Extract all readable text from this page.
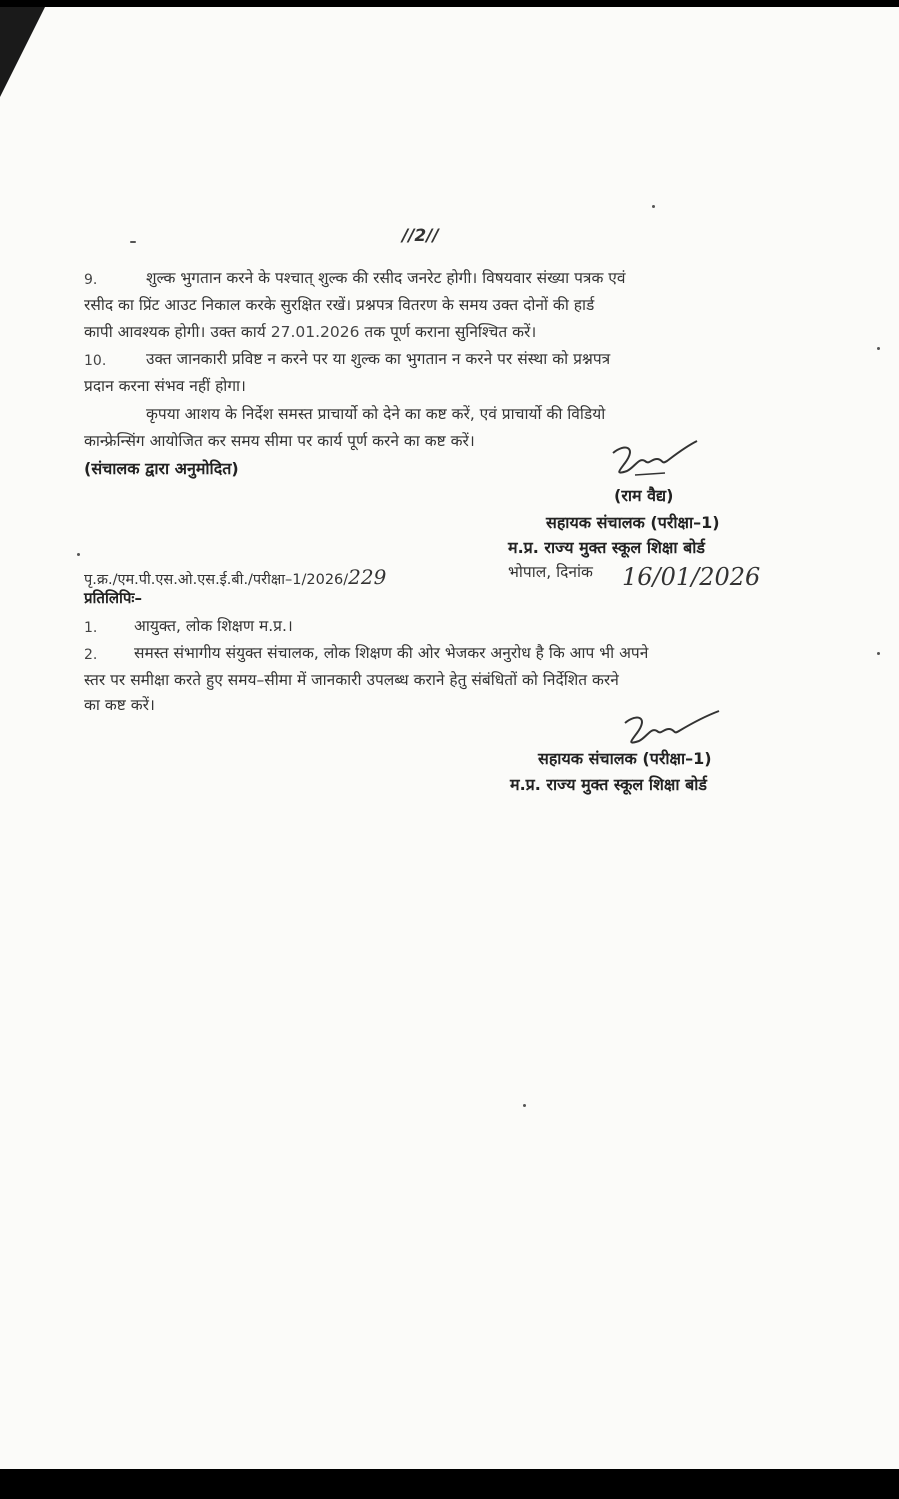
//2//
9.	शुल्क भुगतान करने के पश्चात् शुल्क की रसीद जनरेट होगी। विषयवार संख्या पत्रक एवं
रसीद का प्रिंट आउट निकाल करके सुरक्षित रखें। प्रश्नपत्र वितरण के समय उक्त दोनों की हार्ड
कापी आवश्यक होगी। उक्त कार्य 27.01.2026 तक पूर्ण कराना सुनिश्चित करें।
10.	उक्त जानकारी प्रविष्ट न करने पर या शुल्क का भुगतान न करने पर संस्था को प्रश्नपत्र
प्रदान करना संभव नहीं होगा।
कृपया आशय के निर्देश समस्त प्राचार्यो को देने का कष्ट करें, एवं प्राचार्यो की विडियो
कान्फ्रेन्सिंग आयोजित कर समय सीमा पर कार्य पूर्ण करने का कष्ट करें।
(संचालक द्वारा अनुमोदित)
(राम वैद्य)
सहायक संचालक (परीक्षा–1)
म.प्र. राज्य मुक्त स्कूल शिक्षा बोर्ड
पृ.क्र./एम.पी.एस.ओ.एस.ई.बी./परीक्षा–1/2026/229	भोपाल, दिनांक 16/01/2026
प्रतिलिपिः–
1. आयुक्त, लोक शिक्षण म.प्र.।
2. समस्त संभागीय संयुक्त संचालक, लोक शिक्षण की ओर भेजकर अनुरोध है कि आप भी अपने
स्तर पर समीक्षा करते हुए समय–सीमा में जानकारी उपलब्ध कराने हेतु संबंधितों को निर्देशित करने
का कष्ट करें।
सहायक संचालक (परीक्षा–1)
म.प्र. राज्य मुक्त स्कूल शिक्षा बोर्ड
